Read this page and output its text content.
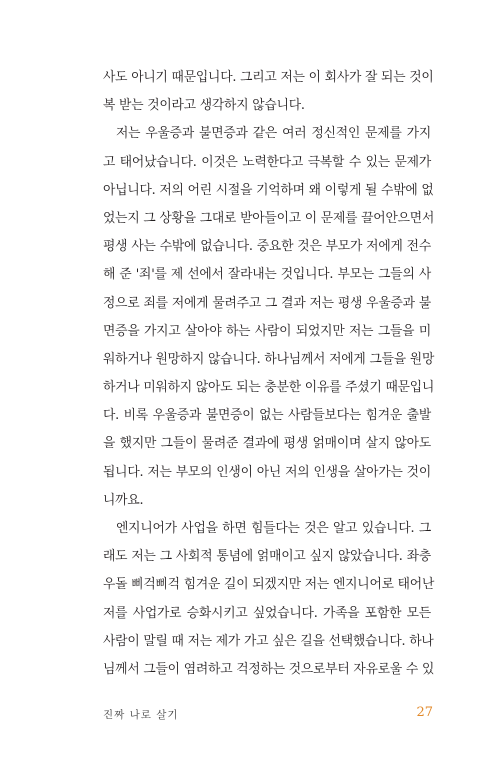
사도 아니기 때문입니다. 그리고 저는 이 회사가 잘 되는 것이
복 받는 것이라고 생각하지 않습니다.
저는 우울증과 불면증과 같은 여러 정신적인 문제를 가지
고 태어났습니다. 이것은 노력한다고 극복할 수 있는 문제가
아닙니다. 저의 어린 시절을 기억하며 왜 이렇게 될 수밖에 없
었는지 그 상황을 그대로 받아들이고 이 문제를 끌어안으면서
평생 사는 수밖에 없습니다. 중요한 것은 부모가 저에게 전수
해 준 '죄'를 제 선에서 잘라내는 것입니다. 부모는 그들의 사
정으로 죄를 저에게 물려주고 그 결과 저는 평생 우울증과 불
면증을 가지고 살아야 하는 사람이 되었지만 저는 그들을 미
워하거나 원망하지 않습니다. 하나님께서 저에게 그들을 원망
하거나 미워하지 않아도 되는 충분한 이유를 주셨기 때문입니
다. 비록 우울증과 불면증이 없는 사람들보다는 힘겨운 출발
을 했지만 그들이 물려준 결과에 평생 얽매이며 살지 않아도
됩니다. 저는 부모의 인생이 아닌 저의 인생을 살아가는 것이
니까요.
엔지니어가 사업을 하면 힘들다는 것은 알고 있습니다. 그
래도 저는 그 사회적 통념에 얽매이고 싶지 않았습니다. 좌충
우돌 삐걱삐걱 힘겨운 길이 되겠지만 저는 엔지니어로 태어난
저를 사업가로 승화시키고 싶었습니다. 가족을 포함한 모든
사람이 말릴 때 저는 제가 가고 싶은 길을 선택했습니다. 하나
님께서 그들이 염려하고 걱정하는 것으로부터 자유로울 수 있
진짜 나로 살기	27
